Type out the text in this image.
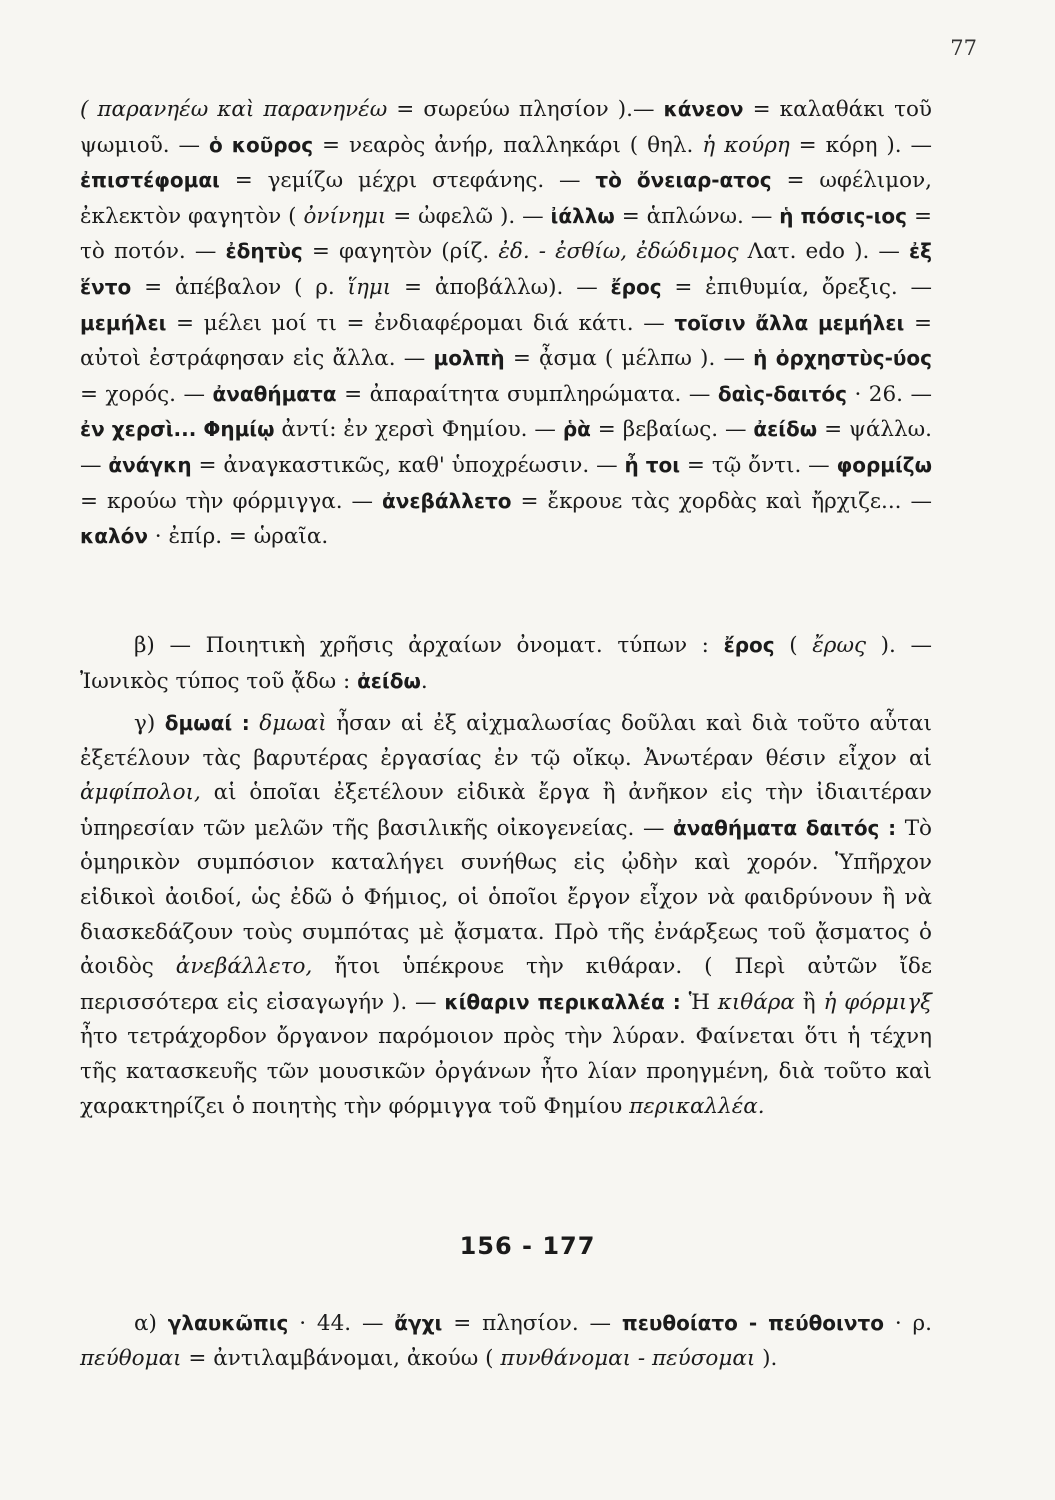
77

( παρανηέω καὶ παρανηνέω = σωρεύω πλησίον ).— κάνεον = καλαθάκι τοῦ ψωμιοῦ. — ὁ κοῦρος = νεαρὸς ἀνήρ, παλληκάρι ( θηλ. ἡ κούρη = κόρη ). — ἐπιστέφομαι = γεμίζω μέχρι στεφάνης. — τὸ ὄνειαρ-ατος = ωφέλιμον, ἐκλεκτὸν φαγητὸν ( ὀνίνημι = ὠφελῶ ). — ἰάλλω = ἁπλώνω. — ἡ πόσις-ιος = τὸ ποτόν. — ἐδητὺς = φαγητὸν (ρίζ. ἐδ. - ἐσθίω, ἐδώδιμος Λατ. edo ). — ἐξ ἕντο = ἀπέβαλον ( ρ. ἵημι = ἀποβάλλω). — ἔρος = ἐπιθυμία, ὄρεξις. — μεμήλει = μέλει μοί τι = ἐνδιαφέρομαι διά κάτι. — τοῖσιν ἄλλα μεμήλει = αὐτοὶ ἐστράφησαν εἰς ἄλλα. — μολπὴ = ᾆσμα ( μέλπω ). — ἡ ὀρχηστὺς-ύος = χορός. — ἀναθήματα = ἀπαραίτητα συμπληρώματα. — δαὶς-δαιτός · 26. — ἐν χερσὶ... Φημίῳ ἀντί: ἐν χερσὶ Φημίου. — ῥὰ = βεβαίως. — ἀείδω = ψάλλω. — ἀνάγκη = ἀναγκαστικῶς, καθ' ὑποχρέωσιν. — ἦ τοι = τῷ ὄντι. — φορμίζω = κρούω τὴν φόρμιγγα. — ἀνεβάλλετο = ἔκρουε τὰς χορδὰς καὶ ἤρχιζε... — καλόν · ἐπίρ. = ὡραῖα.

β) — Ποιητικὴ χρῆσις ἀρχαίων ὀνοματ. τύπων : ἔρος ( ἔρως ). — Ἰωνικὸς τύπος τοῦ ᾄδω : ἀείδω.

γ) δμωαί : δμωαὶ ἦσαν αἱ ἐξ αἰχμαλωσίας δοῦλαι καὶ διὰ τοῦτο αὗται ἐξετέλουν τὰς βαρυτέρας ἐργασίας ἐν τῷ οἴκῳ. Ἀνωτέραν θέσιν εἶχον αἱ ἀμφίπολοι, αἱ ὁποῖαι ἐξετέλουν εἰδικὰ ἔργα ἢ ἀνῆκον εἰς τὴν ἰδιαιτέραν ὑπηρεσίαν τῶν μελῶν τῆς βασιλικῆς οἰκογενείας. — ἀναθήματα δαιτός : Τὸ ὁμηρικὸν συμπόσιον καταλήγει συνήθως εἰς ᾠδὴν καὶ χορόν. Ὑπῆρχον εἰδικοὶ ἀοιδοί, ὡς ἐδῶ ὁ Φήμιος, οἱ ὁποῖοι ἔργον εἶχον νὰ φαιδρύνουν ἢ νὰ διασκεδάζουν τοὺς συμπότας μὲ ᾄσματα. Πρὸ τῆς ἐνάρξεως τοῦ ᾄσματος ὁ ἀοιδὸς ἀνεβάλλετο, ἤτοι ὑπέκρουε τὴν κιθάραν. ( Περὶ αὐτῶν ἴδε περισσότερα εἰς εἰσαγωγήν ). — κίθαριν περικαλλέα : Ἡ κιθάρα ἢ ἡ φόρμιγξ ἦτο τετράχορδον ὄργανον παρόμοιον πρὸς τὴν λύραν. Φαίνεται ὅτι ἡ τέχνη τῆς κατασκευῆς τῶν μουσικῶν ὀργάνων ἦτο λίαν προηγμένη, διὰ τοῦτο καὶ χαρακτηρίζει ὁ ποιητὴς τὴν φόρμιγγα τοῦ Φημίου περικαλλέα.

156 - 177

α) γλαυκῶπις · 44. — ἄγχι = πλησίον. — πευθοίατο - πεύθοιντο · ρ. πεύθομαι = ἀντιλαμβάνομαι, ἀκούω ( πυνθάνομαι - πεύσομαι ).
